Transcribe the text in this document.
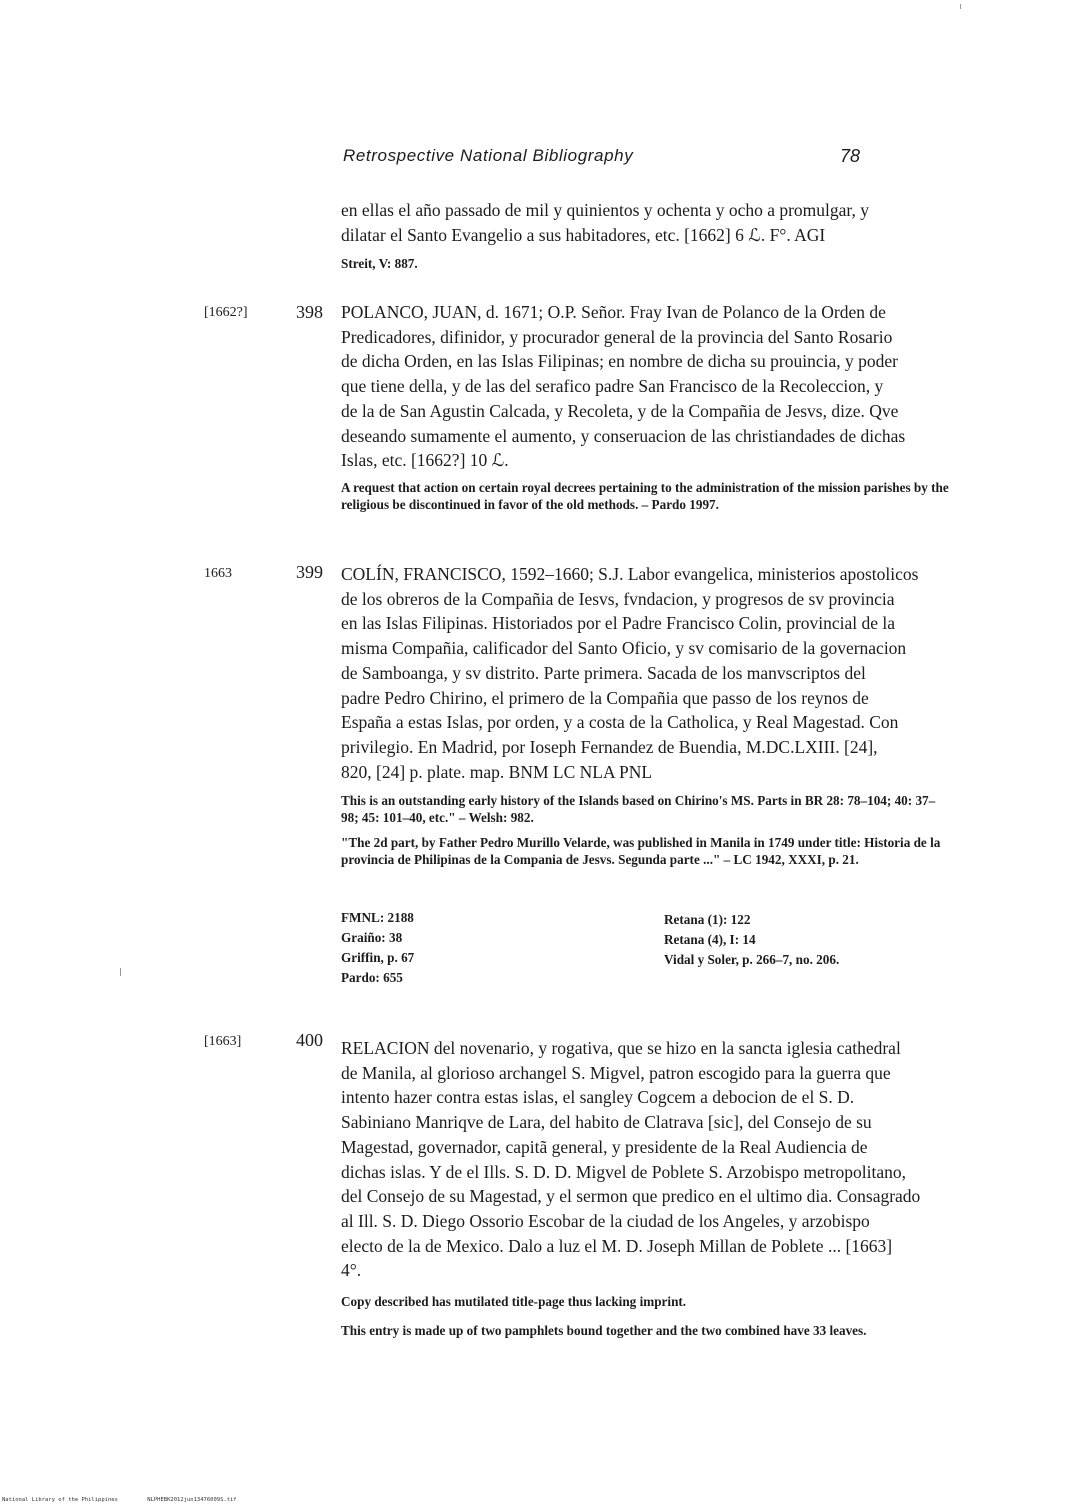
Retrospective National Bibliography	78
en ellas el año passado de mil y quinientos y ochenta y ocho a promulgar, y
dilatar el Santo Evangelio a sus habitadores, etc. [1662] 6 ℒ. F°. AGI
Streit, V: 887.
[1662?]	398 POLANCO, JUAN, d. 1671; O.P. Señor. Fray Ivan de Polanco de la Orden de
Predicadores, difinidor, y procurador general de la provincia del Santo Rosario
de dicha Orden, en las Islas Filipinas; en nombre de dicha su prouincia, y poder
que tiene della, y de las del serafico padre San Francisco de la Recoleccion, y
de la de San Agustin Calcada, y Recoleta, y de la Compañia de Jesvs, dize. Qve
deseando sumamente el aumento, y conseruacion de las christiandades de dichas
Islas, etc. [1662?] 10 ℒ.
A request that action on certain royal decrees pertaining to the administration of the mission parishes by the religious be discontinued in favor of the old methods. – Pardo 1997.
1663	399 COLÍN, FRANCISCO, 1592–1660; S.J. Labor evangelica, ministerios apostolicos
de los obreros de la Compañia de Iesvs, fvndacion, y progresos de sv provincia
en las Islas Filipinas. Historiados por el Padre Francisco Colin, provincial de la
misma Compañia, calificador del Santo Oficio, y sv comisario de la governacion
de Samboanga, y sv distrito. Parte primera. Sacada de los manvscriptos del
padre Pedro Chirino, el primero de la Compañia que passo de los reynos de
España a estas Islas, por orden, y a costa de la Catholica, y Real Magestad. Con
privilegio. En Madrid, por Ioseph Fernandez de Buendia, M.DC.LXIII. [24],
820, [24] p. plate. map. BNM LC NLA PNL
This is an outstanding early history of the Islands based on Chirino's MS. Parts in BR 28: 78–104; 40: 37–98; 45: 101–40, etc." – Welsh: 982.
"The 2d part, by Father Pedro Murillo Velarde, was published in Manila in 1749 under title: Historia de la provincia de Philipinas de la Compania de Jesvs. Segunda parte ..." – LC 1942, XXXI, p. 21.
FMNL: 2188
Graiño: 38
Griffin, p. 67
Pardo: 655
Retana (1): 122
Retana (4), I: 14
Vidal y Soler, p. 266–7, no. 206.
[1663]	400 RELACION del novenario, y rogativa, que se hizo en la sancta iglesia cathedral
de Manila, al glorioso archangel S. Migvel, patron escogido para la guerra que
intento hazer contra estas islas, el sangley Cogcem a debocion de el S. D.
Sabiniano Manriqve de Lara, del habito de Clatrava [sic], del Consejo de su
Magestad, governador, capitã general, y presidente de la Real Audiencia de
dichas islas. Y de el Ills. S. D. D. Migvel de Poblete S. Arzobispo metropolitano,
del Consejo de su Magestad, y el sermon que predico en el ultimo dia. Consagrado
al Ill. S. D. Diego Ossorio Escobar de la ciudad de los Angeles, y arzobispo
electo de la de Mexico. Dalo a luz el M. D. Joseph Millan de Poblete ... [1663]
4°.
Copy described has mutilated title-page thus lacking imprint.
This entry is made up of two pamphlets bound together and the two combined have 33 leaves.
National Library of the Philippines	NLPHEBK2012jun13476009S.tif
